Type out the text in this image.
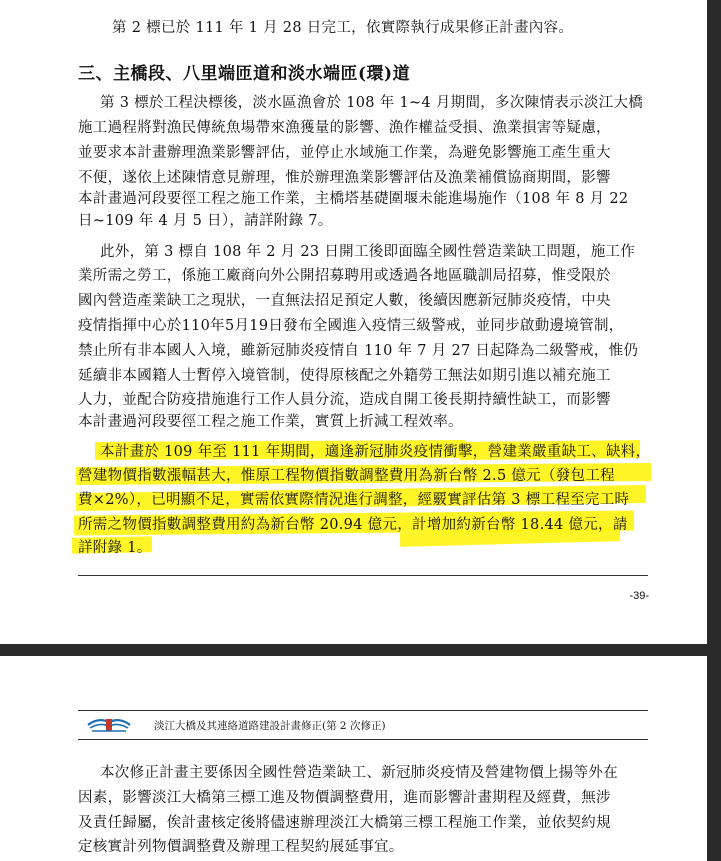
第 2 標已於 111 年 1 月 28 日完工，依實際執行成果修正計畫內容。
三、主橋段、八里端匝道和淡水端匝(環)道
第 3 標於工程決標後，淡水區漁會於 108 年 1~4 月期間，多次陳情表示淡江大橋
施工過程將對漁民傳統魚場帶來漁獲量的影響、漁作權益受損、漁業損害等疑慮，
並要求本計畫辦理漁業影響評估，並停止水域施工作業，為避免影響施工產生重大
不便，遂依上述陳情意見辦理，惟於辦理漁業影響評估及漁業補償協商期間，影響
本計畫過河段要徑工程之施工作業，主橋塔基礎圍堰未能進場施作（108 年 8 月 22
日~109 年 4 月 5 日），請詳附錄 7。
此外，第 3 標自 108 年 2 月 23 日開工後即面臨全國性營造業缺工問題，施工作
業所需之勞工，係施工廠商向外公開招募聘用或透過各地區職訓局招募，惟受限於
國內營造產業缺工之現狀，一直無法招足預定人數，後續因應新冠肺炎疫情，中央
疫情指揮中心於110年5月19日發布全國進入疫情三級警戒，並同步啟動邊境管制，
禁止所有非本國人入境，雖新冠肺炎疫情自 110 年 7 月 27 日起降為二級警戒，惟仍
延續非本國籍人士暫停入境管制，使得原核配之外籍勞工無法如期引進以補充施工
人力，並配合防疫措施進行工作人員分流，造成自開工後長期持續性缺工，而影響
本計畫過河段要徑工程之施工作業，實質上折減工程效率。
本計畫於 109 年至 111 年期間，適逢新冠肺炎疫情衝擊，營建業嚴重缺工、缺料，
營建物價指數漲幅甚大，惟原工程物價指數調整費用為新台幣 2.5 億元（發包工程
費×2%），已明顯不足，實需依實際情況進行調整，經覈實評估第 3 標工程至完工時
所需之物價指數調整費用約為新台幣 20.94 億元，計增加約新台幣 18.44 億元，請
詳附錄 1。
-39-
淡江大橋及其連絡道路建設計畫修正(第 2 次修正)
本次修正計畫主要係因全國性營造業缺工、新冠肺炎疫情及營建物價上揚等外在
因素，影響淡江大橋第三標工進及物價調整費用，進而影響計畫期程及經費，無涉
及責任歸屬，俟計畫核定後將儘速辦理淡江大橋第三標工程施工作業，並依契約規
定核實計列物價調整費及辦理工程契約展延事宜。
